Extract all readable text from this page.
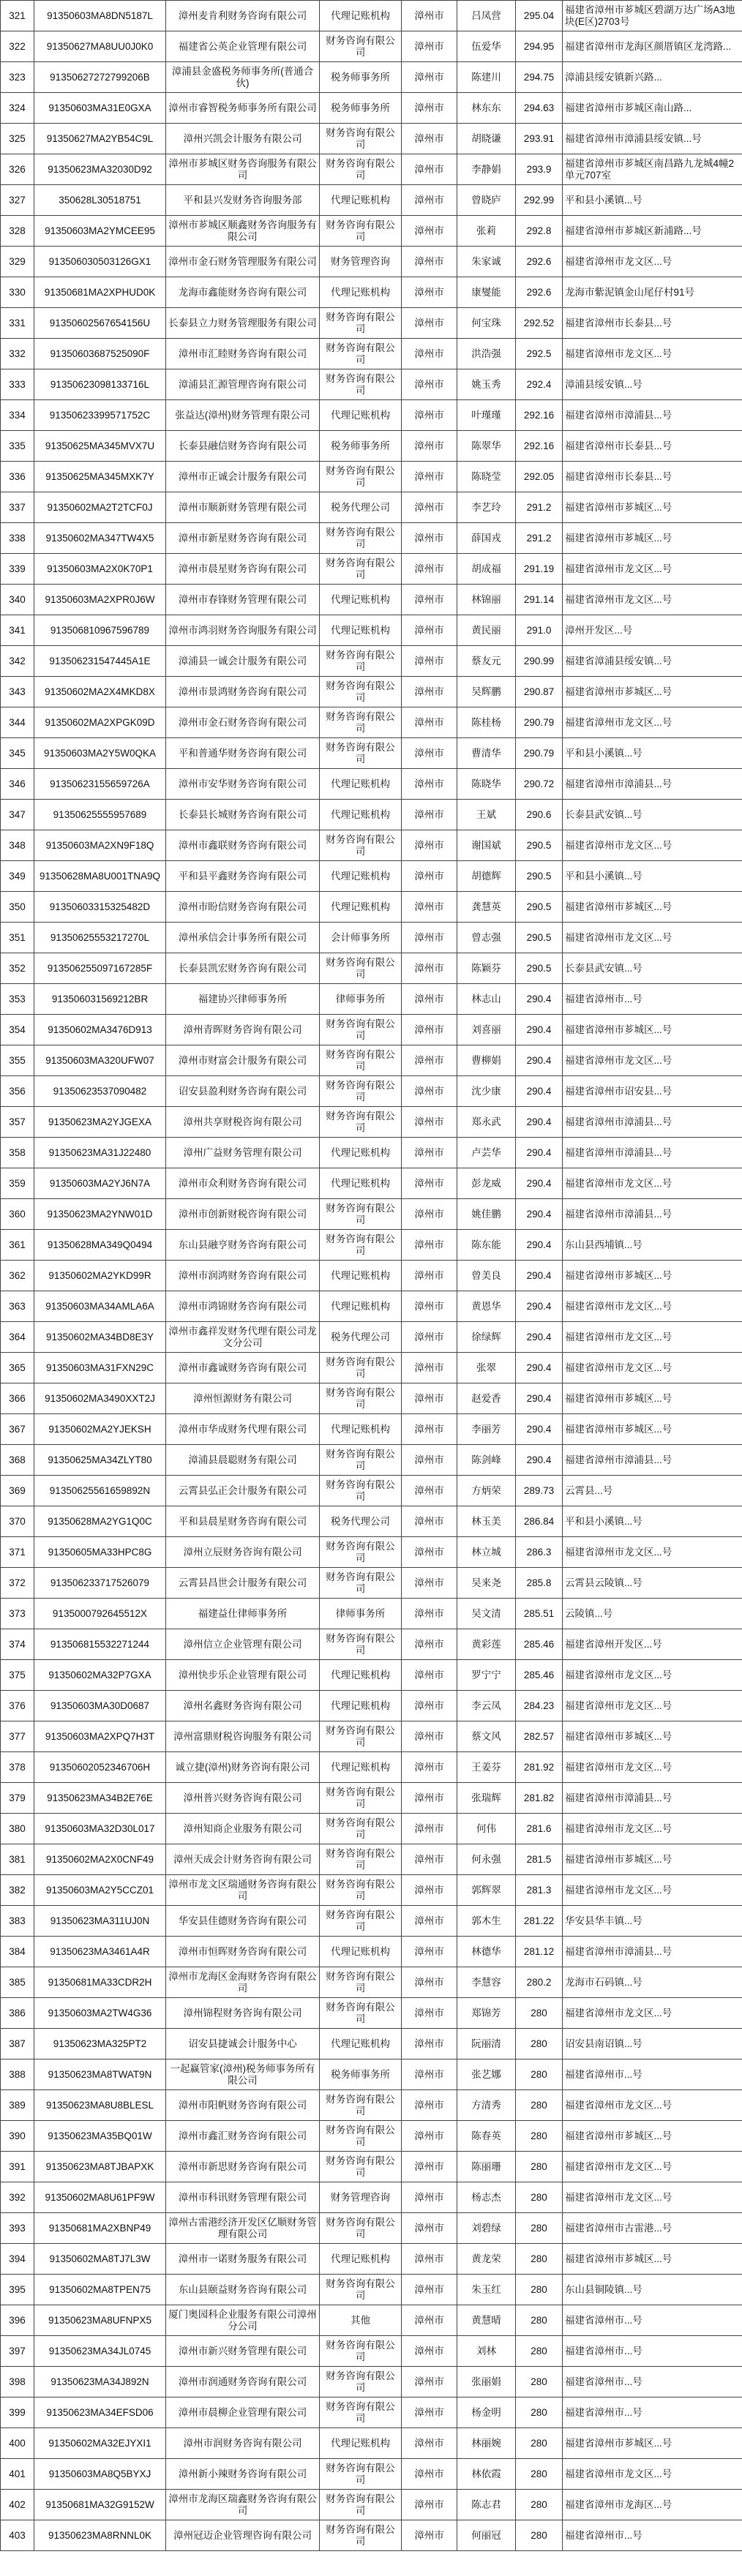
321	91350603MA8DN5187L	漳州麦肯利财务咨询有限公司	代理记账机构	漳州市	吕凤营	295.04	福建省漳州市芗城区碧湖万达广场A3地块(E区)2703号
322	91350627MA8UU0J0K0	福建省公英企业管理有限公司	财务咨询有限公司	漳州市	伍爱华	294.95	福建省漳州市龙海区颜厝镇区龙湾路...
323	91350627272799206B	漳浦县金盛税务师事务所(普通合伙)	税务师事务所	漳州市	陈建川	294.75	漳浦县绥安镇新兴路...
324	91350603MA31E0GXA	漳州市睿智税务师事务所有限公司	税务师事务所	漳州市	林东东	294.63	福建省漳州市芗城区南山路...
325	91350627MA2YB54C9L	漳州兴凯会计服务有限公司	财务咨询有限公司	漳州市	胡晓谦	293.91	福建省漳州市漳浦县绥安镇...号
326	91350623MA32030D92	漳州市芗城区财务咨询服务有限公司	财务咨询有限公司	漳州市	李静娟	293.9	福建省漳州市芗城区南昌路九龙城4幢2单元707室
327	350628L30518751	平和县兴发财务咨询服务部	代理记账机构	漳州市	曾晓庐	292.99	平和县小溪镇...号
328	91350603MA2YMCEE95	漳州市芗城区顺鑫财务咨询服务有限公司	财务咨询有限公司	漳州市	张莉	292.8	福建省漳州市芗城区新浦路...号
329	913506030503126GX1	漳州市金石财务管理服务有限公司	财务管理咨询	漳州市	朱家诚	292.6	福建省漳州市龙文区...号
330	91350681MA2XPHUD0K	龙海市鑫能财务咨询有限公司	代理记账机构	漳州市	康燮能	292.6	龙海市紫泥镇金山尾仔村91号
331	91350602567654156U	长泰县立力财务管理服务有限公司	财务咨询有限公司	漳州市	何宝珠	292.52	福建省漳州市长泰县...号
332	91350603687525090F	漳州市汇睦财务咨询有限公司	财务咨询有限公司	漳州市	洪浩强	292.5	福建省漳州市龙文区...号
333	91350623098133716L	漳浦县汇源管理咨询有限公司	财务咨询有限公司	漳州市	姚玉秀	292.4	漳浦县绥安镇...号
334	91350623399571752C	张益达(漳州)财务管理有限公司	代理记账机构	漳州市	叶瑾瑾	292.16	福建省漳州市漳浦县...号
335	91350625MA345MVX7U	长泰县融信财务咨询有限公司	税务师事务所	漳州市	陈翠华	292.16	福建省漳州市长泰县...号
336	91350625MA345MXK7Y	漳州市正诚会计服务有限公司	财务咨询有限公司	漳州市	陈晓莹	292.05	福建省漳州市长泰县...号
337	91350602MA2T2TCF0J	漳州市顺新财务管理有限公司	税务代理公司	漳州市	李艺玲	291.2	福建省漳州市芗城区...号
338	91350602MA347TW4X5	漳州市新星财务咨询有限公司	财务咨询有限公司	漳州市	薛国戎	291.2	福建省漳州市芗城区...号
339	91350603MA2X0K70P1	漳州市晨星财务咨询有限公司	财务咨询有限公司	漳州市	胡成福	291.19	福建省漳州市龙文区...号
340	91350603MA2XPR0J6W	漳州市春锋财务管理有限公司	代理记账机构	漳州市	林锦丽	291.14	福建省漳州市龙文区...号
341	913506810967596789	漳州市鸿羽财务咨询服务有限公司	代理记账机构	漳州市	黄民丽	291.0	漳州开发区...号
342	913506231547445A1E	漳浦县一诚会计服务有限公司	财务咨询有限公司	漳州市	蔡友元	290.99	福建省漳浦县绥安镇...号
343	91350602MA2X4MKD8X	漳州市景鸿财务咨询有限公司	财务咨询有限公司	漳州市	吴辉鹏	290.87	福建省漳州市芗城区...号
344	91350602MA2XPGK09D	漳州市金石财务咨询有限公司	财务咨询有限公司	漳州市	陈桂杨	290.79	福建省漳州市龙文区...号
345	91350603MA2Y5W0QKA	平和普通华财务咨询有限公司	财务咨询有限公司	漳州市	曹清华	290.79	平和县小溪镇...号
346	91350623155659726A	漳州市安华财务咨询有限公司	代理记账机构	漳州市	陈晓华	290.72	福建省漳州市漳浦县...号
347	91350625555957689	长泰县长城财务咨询有限公司	代理记账机构	漳州市	王斌	290.6	长泰县武安镇...号
348	91350603MA2XN9F18Q	漳州市鑫联财务咨询有限公司	财务咨询有限公司	漳州市	谢国斌	290.5	福建省漳州市龙文区...号
349	91350628MA8U001TNA9Q	平和县平鑫财务咨询有限公司	代理记账机构	漳州市	胡德辉	290.5	平和县小溪镇...号
350	91350603315325482D	漳州市盼信财务咨询有限公司	代理记账机构	漳州市	龚慧英	290.5	福建省漳州市芗城区...号
351	91350625553217270L	漳州承信会计事务所有限公司	会计师事务所	漳州市	曾志强	290.5	福建省漳州市龙文区...号
352	913506255097167285F	长泰县凯宏财务咨询有限公司	财务咨询有限公司	漳州市	陈颖芬	290.5	长泰县武安镇...号
353	913506031569212BR	福建协兴律师事务所	律师事务所	漳州市	林志山	290.4	福建省漳州市...号
354	91350602MA3476D913	漳州青晖财务咨询有限公司	财务咨询有限公司	漳州市	刘喜丽	290.4	福建省漳州市芗城区...号
355	91350603MA320UFW07	漳州市财富会计服务有限公司	财务咨询有限公司	漳州市	曹柳娟	290.4	福建省漳州市龙文区...号
356	91350623537090482	诏安县盈利财务咨询有限公司	财务咨询有限公司	漳州市	沈少康	290.4	福建省漳州市诏安县...号
357	91350623MA2YJGEXA	漳州共享财税咨询有限公司	财务咨询有限公司	漳州市	郑永武	290.4	福建省漳州市漳浦县...号
358	91350623MA31J22480	漳州广益财务管理有限公司	代理记账机构	漳州市	卢芸华	290.4	福建省漳州市漳浦县...号
359	91350603MA2YJ6N7A	漳州市众利财务咨询有限公司	代理记账机构	漳州市	彭龙威	290.4	福建省漳州市龙文区...号
360	91350623MA2YNW01D	漳州市创新财税咨询有限公司	财务咨询有限公司	漳州市	姚佳鹏	290.4	福建省漳州市漳浦县...号
361	91350628MA349Q0494	东山县融亨财务咨询有限公司	财务咨询有限公司	漳州市	陈东能	290.4	东山县西埔镇...号
362	91350602MA2YKD99R	漳州市润鸿财务咨询有限公司	代理记账机构	漳州市	曾美良	290.4	福建省漳州市芗城区...号
363	91350603MA34AMLA6A	漳州市鸿锦财务咨询有限公司	代理记账机构	漳州市	黄恩华	290.4	福建省漳州市龙文区...号
364	91350602MA34BD8E3Y	漳州市鑫祥发财务代理有限公司龙文分公司	税务代理公司	漳州市	徐绿辉	290.4	福建省漳州市龙文区...号
365	91350603MA31FXN29C	漳州市鑫诚财务咨询有限公司	财务咨询有限公司	漳州市	张翠	290.4	福建省漳州市龙文区...号
366	91350602MA3490XXT2J	漳州恒源财务有限公司	财务咨询有限公司	漳州市	赵爱香	290.4	福建省漳州市芗城区...号
367	91350602MA2YJEKSH	漳州市华成财务代理有限公司	代理记账机构	漳州市	李丽芳	290.4	福建省漳州市芗城区...号
368	91350625MA34ZLYT80	漳浦县晨聪财务有限公司	财务咨询有限公司	漳州市	陈剑峰	290.4	福建省漳州市漳浦县...号
369	91350625561659892N	云霄县弘正会计服务有限公司	财务咨询有限公司	漳州市	方炳荣	289.73	云霄县...号
370	91350628MA2YG1Q0C	平和县晨星财务咨询有限公司	税务代理公司	漳州市	林玉美	286.84	平和县小溪镇...号
371	91350605MA33HPC8G	漳州立辰财务咨询有限公司	财务咨询有限公司	漳州市	林立城	286.3	福建省漳州市龙文区...号
372	913506233717526079	云霄县昌世会计服务有限公司	财务咨询有限公司	漳州市	吴来尧	285.8	云霄县云陵镇...号
373	9135000792645512X	福建益仕律师事务所	律师事务所	漳州市	吴文清	285.51	云陵镇...号
374	913506815532271244	漳州信立企业管理有限公司	财务咨询有限公司	漳州市	黄彩莲	285.46	福建省漳州开发区...号
375	91350602MA32P7GXA	漳州快步乐企业管理有限公司	代理记账机构	漳州市	罗宁宁	285.46	福建省漳州市龙文区...号
376	91350603MA30D0687	漳州名鑫财务咨询有限公司	代理记账机构	漳州市	李云凤	284.23	福建省漳州市龙文区...号
377	91350603MA2XPQ7H3T	漳州富鼎财税咨询服务有限公司	财务咨询有限公司	漳州市	蔡文风	282.57	福建省漳州市芗城区...号
378	91350602052346706H	诚立捷(漳州)财务咨询有限公司	代理记账机构	漳州市	王姜芬	281.92	福建省漳州市龙文区...号
379	91350623MA34B2E76E	漳州普兴财务咨询有限公司	财务咨询有限公司	漳州市	张瑞辉	281.82	福建省漳州市漳浦县...号
380	91350603MA32D30L017	漳州知商企业服务有限公司	财务咨询有限公司	漳州市	何伟	281.6	福建省漳州市龙文区...号
381	91350602MA2X0CNF49	漳州天成会计财务咨询有限公司	财务咨询有限公司	漳州市	何永强	281.5	福建省漳州市芗城区...号
382	91350603MA2Y5CCZ01	漳州市龙文区瑞通财务咨询有限公司	财务咨询有限公司	漳州市	郭辉翠	281.3	福建省漳州市龙文区...号
383	91350623MA311UJ0N	华安县佳德财务咨询有限公司	财务咨询有限公司	漳州市	郭木生	281.22	华安县华丰镇...号
384	91350623MA3461A4R	漳州市恒晖财务咨询有限公司	代理记账机构	漳州市	林德华	281.12	福建省漳州市漳浦县...号
385	91350681MA33CDR2H	漳州市龙海区金海财务咨询有限公司	财务咨询有限公司	漳州市	李慧容	280.2	龙海市石码镇...号
386	91350603MA2TW4G36	漳州锦程财务咨询有限公司	财务咨询有限公司	漳州市	郑锦芳	280	福建省漳州市龙文区...号
387	91350623MA325PT2	诏安县捷诚会计服务中心	代理记账机构	漳州市	阮丽清	280	诏安县南诏镇...号
388	91350623MA8TWAT9N	一起赢管家(漳州)税务师事务所有限公司	税务师事务所	漳州市	张艺娜	280	福建省漳州市...号
389	91350623MA8U8BLESL	漳州市阳帆财务咨询有限公司	财务咨询有限公司	漳州市	方清秀	280	福建省漳州市龙文区...号
390	91350623MA35BQ01W	漳州市鑫汇财务咨询有限公司	财务咨询有限公司	漳州市	陈春英	280	福建省漳州市芗城区...号
391	91350623MA8TJBAPXK	漳州市新思财务咨询有限公司	财务咨询有限公司	漳州市	陈丽珊	280	福建省漳州市龙文区...号
392	91350602MA8U61PF9W	漳州市科讯财务管理有限公司	财务管理咨询	漳州市	杨志杰	280	福建省漳州市龙文区...号
393	91350681MA2XBNP49	漳州古雷港经济开发区亿顺财务管理有限公司	财务咨询有限公司	漳州市	刘碧绿	280	福建省漳州市古雷港...号
394	91350602MA8TJ7L3W	漳州市一诺财务服务有限公司	代理记账机构	漳州市	黄龙荣	280	福建省漳州市芗城区...号
395	91350602MA8TPEN75	东山县颐益财务咨询有限公司	财务咨询有限公司	漳州市	朱玉红	280	东山县铜陵镇...号
396	91350623MA8UFNPX5	厦门奥园科企业服务有限公司漳州分公司	其他	漳州市	黄慧晴	280	福建省漳州市...号
397	91350623MA34JL0745	漳州市新兴财务管理有限公司	财务咨询有限公司	漳州市	刘林	280	福建省漳州市...号
398	91350623MA34J892N	漳州市润通财务咨询有限公司	财务咨询有限公司	漳州市	张丽娟	280	福建省漳州市...号
399	91350623MA34EFSD06	漳州市晨柳企业管理有限公司	财务咨询有限公司	漳州市	杨金明	280	福建省漳州市...号
400	91350602MA32EJYXI1	漳州市润财务咨询有限公司	代理记账机构	漳州市	林丽婉	280	福建省漳州市芗城区...号
401	91350603MA8Q5BYXJ	漳州新小辣财务咨询有限公司	财务咨询有限公司	漳州市	林依霞	280	福建省漳州市龙文区...号
402	91350681MA32G9152W	漳州市龙海区瑞鑫财务咨询有限公司	财务咨询有限公司	漳州市	陈志君	280	福建省漳州市龙海区...号
403	91350623MA8RNNL0K	漳州冠迈企业管理咨询有限公司	财务咨询有限公司	漳州市	何丽冠	280	福建省漳州市...号
